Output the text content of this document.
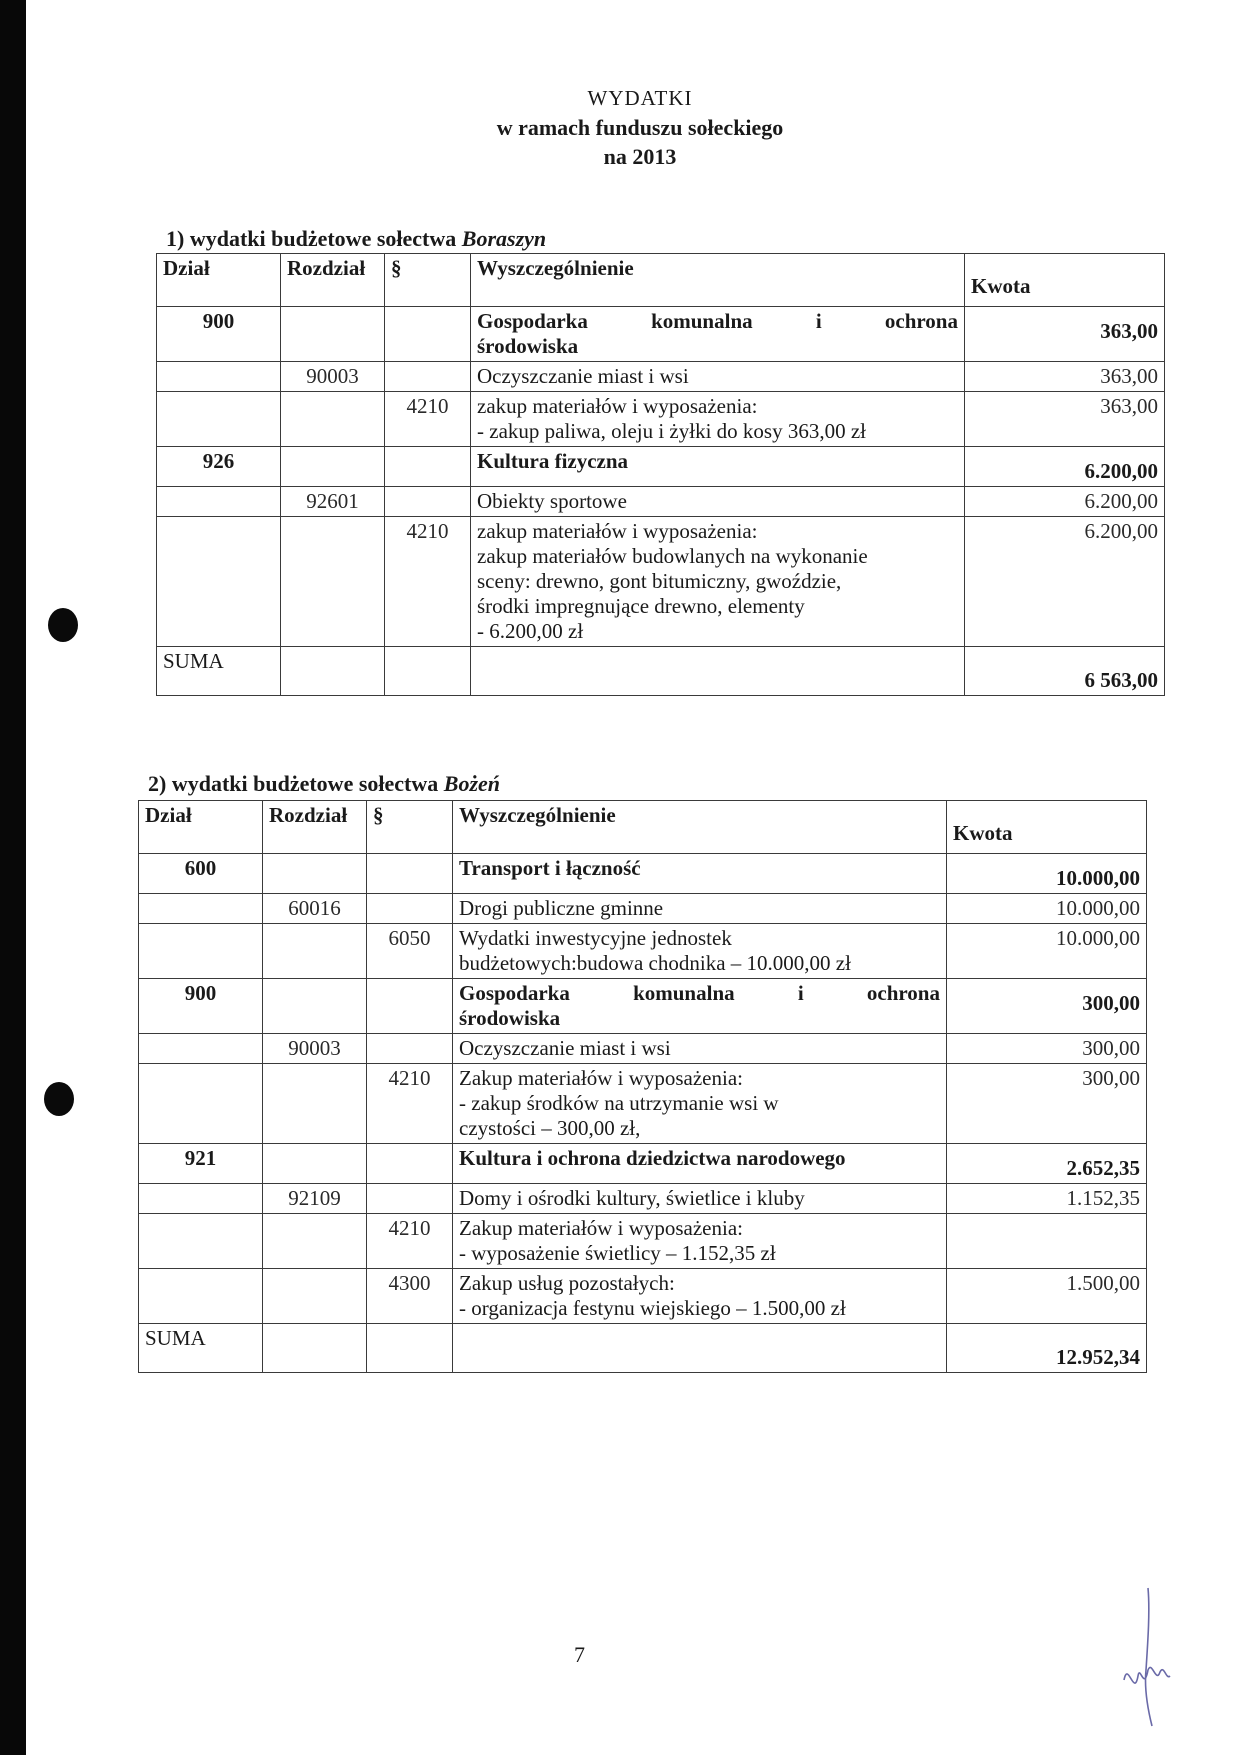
WYDATKI
w ramach funduszu sołeckiego
na 2013
1) wydatki budżetowe sołectwa Boraszyn
Dział	Rozdział	§	Wyszczególnienie	Kwota
900			Gospodarka komunalna i ochrona
środowiska	363,00
	90003		Oczyszczanie miast i wsi	363,00
		4210	zakup materiałów i wyposażenia:
- zakup paliwa, oleju i żyłki do kosy 363,00 zł	363,00
926			Kultura fizyczna	6.200,00
	92601		Obiekty sportowe	6.200,00
		4210	zakup materiałów i wyposażenia:
zakup materiałów budowlanych na wykonanie
sceny: drewno, gont bitumiczny, gwoździe,
środki impregnujące drewno, elementy
- 6.200,00 zł	6.200,00
SUMA				6 563,00
2) wydatki budżetowe sołectwa Bożeń
Dział	Rozdział	§	Wyszczególnienie	Kwota
600			Transport i łączność	10.000,00
	60016		Drogi publiczne gminne	10.000,00
		6050	Wydatki inwestycyjne jednostek
budżetowych:budowa chodnika – 10.000,00 zł	10.000,00
900			Gospodarka komunalna i ochrona
środowiska	300,00
	90003		Oczyszczanie miast i wsi	300,00
		4210	Zakup materiałów i wyposażenia:
- zakup środków na utrzymanie wsi w
czystości – 300,00 zł,	300,00
921			Kultura i ochrona dziedzictwa narodowego	2.652,35
	92109		Domy i ośrodki kultury, świetlice i kluby	1.152,35
		4210	Zakup materiałów i wyposażenia:
- wyposażenie świetlicy – 1.152,35 zł	

		4300	Zakup usług pozostałych:
- organizacja festynu wiejskiego – 1.500,00 zł	1.500,00
SUMA				12.952,34
7
